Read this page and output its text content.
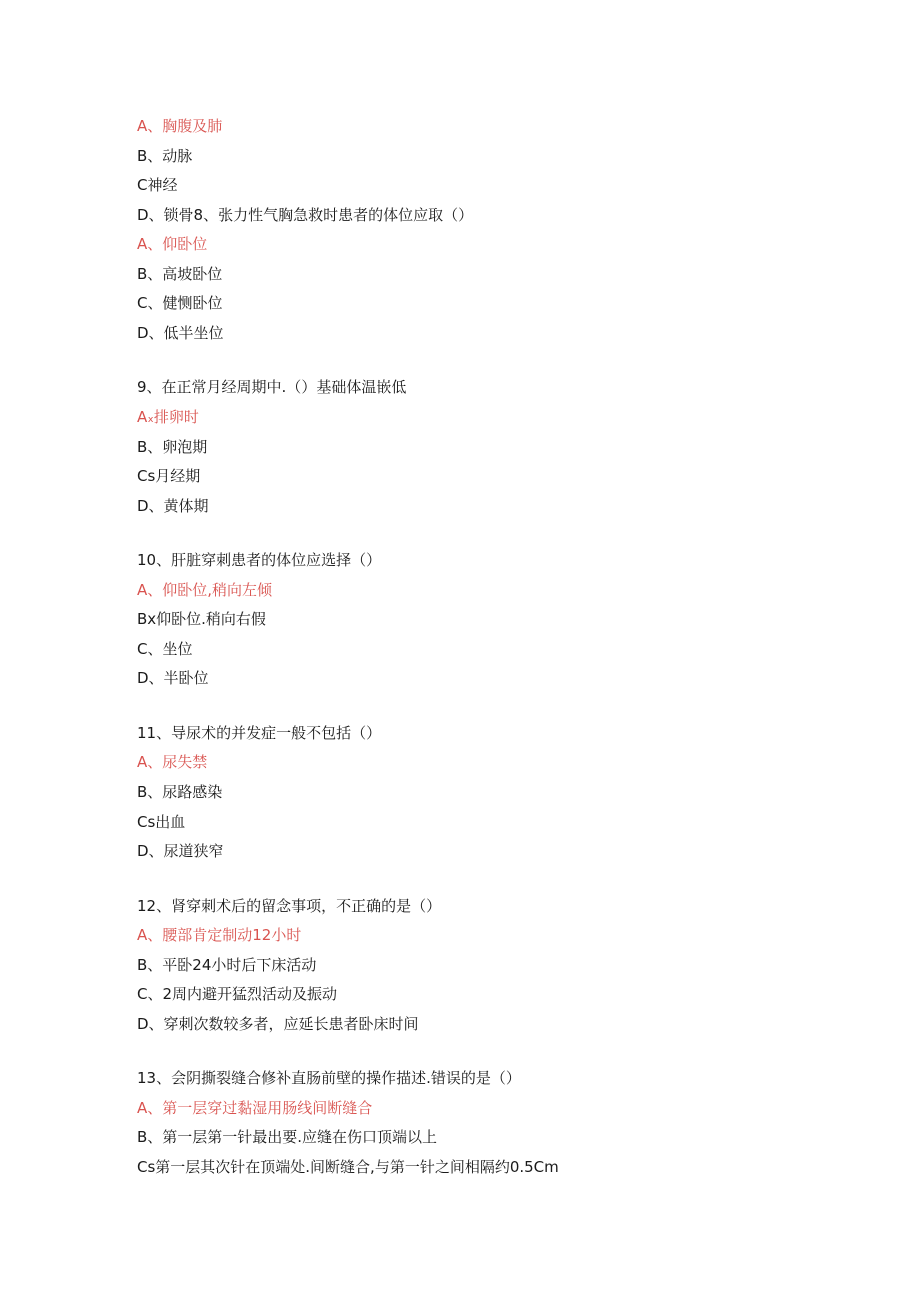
A、胸腹及肺
B、动脉
C神经
D、锁骨8、张力性气胸急救时患者的体位应取（）
A、仰卧位
B、高坡卧位
C、健恻卧位
D、低半坐位
9、在正常月经周期中.（）基础体温嵌低
Aₓ排卵时
B、卵泡期
Cs月经期
D、黄体期
10、肝脏穿刺患者的体位应选择（）
A、仰卧位,稍向左倾
Bx仰卧位.稍向右假
C、坐位
D、半卧位
11、导尿术的并发症一般不包括（）
A、尿失禁
B、尿路感染
Cs出血
D、尿道狭窄
12、肾穿刺术后的留念事项，不正确的是（）
A、腰部肯定制动12小时
B、平卧24小时后下床活动
C、2周内避开猛烈活动及振动
D、穿刺次数较多者，应延长患者卧床时间
13、会阴撕裂缝合修补直肠前壁的操作描述.错误的是（）
A、第一层穿过黏湿用肠线间断缝合
B、第一层第一针最出要.应缝在伤口顶端以上
Cs第一层其次针在顶端处.间断缝合,与第一针之间相隔约0.5Cm
